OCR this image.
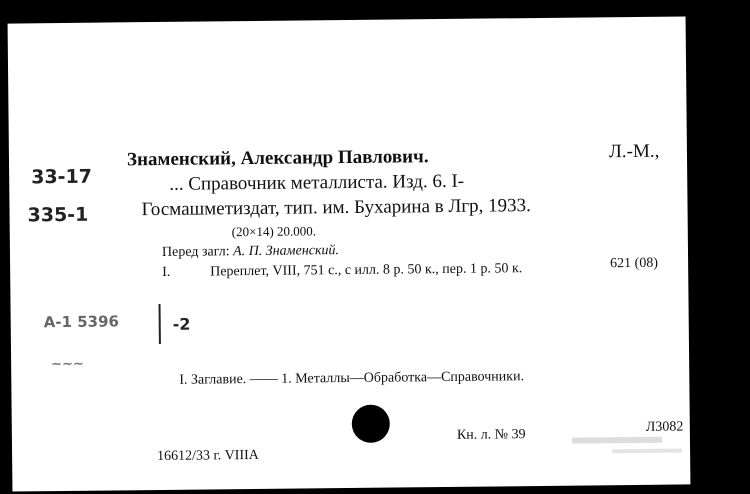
33-17
335-1
Знаменский, Александр Павлович.	Л.-М.,
... Справочник металлиста. Изд. 6. I-
Госмашметиздат, тип. им. Бухарина в Лгр, 1933.
(20×14) 20.000.
Перед загл: А. П. Знаменский.
I.	Переплет, VIII, 751 с., с илл. 8 р. 50 к., пер. 1 р. 50 к.	621 (08)
А-1 5396	-2
~~~
I. Заглавие. —— 1. Металлы—Обработка—Справочники.
16612/33 г. VIIIA
Кн. л. № 39	Л3082
